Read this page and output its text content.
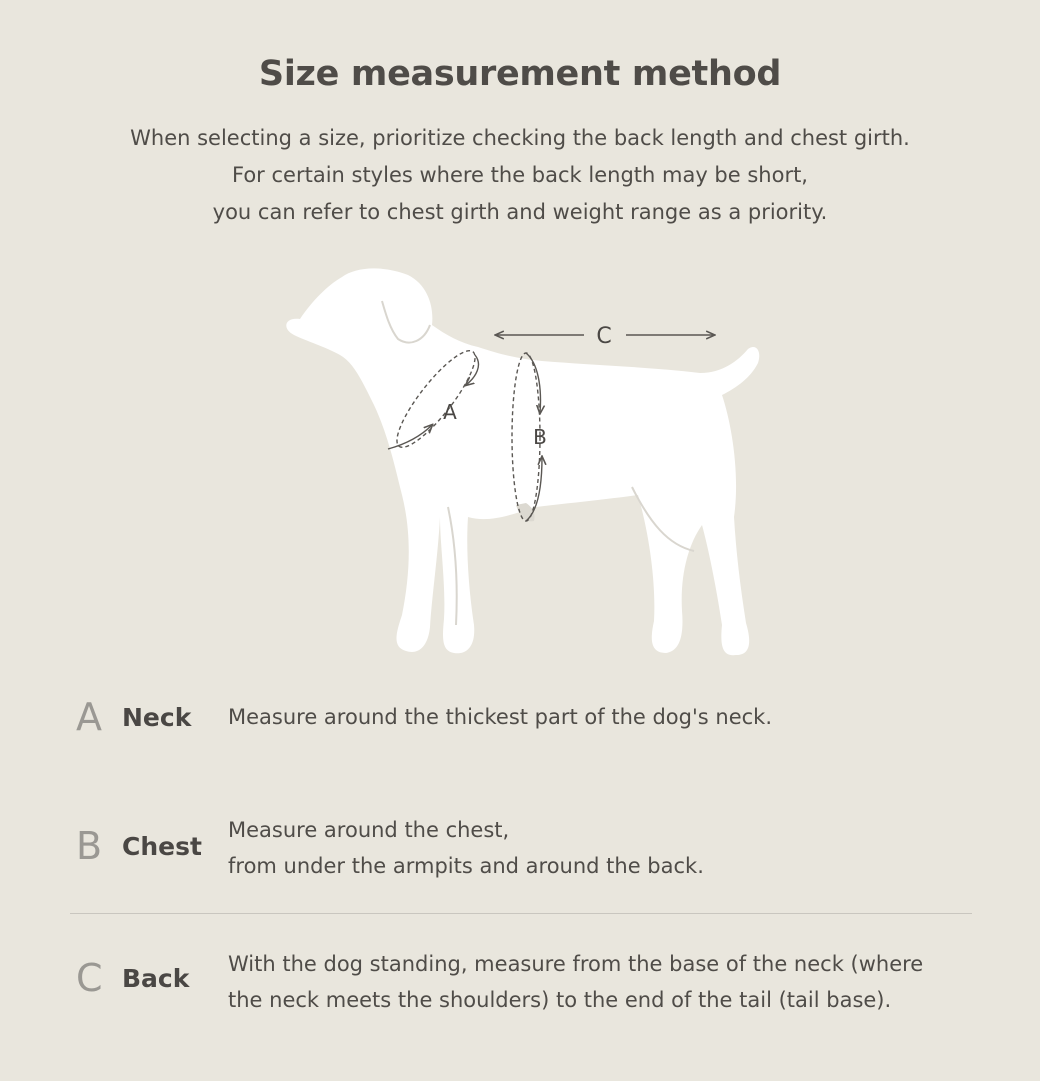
Size measurement method
When selecting a size, prioritize checking the back length and chest girth.
For certain styles where the back length may be short,
you can refer to chest girth and weight range as a priority.
C
A
B
A Neck Measure around the thickest part of the dog's neck.
B Chest
Measure around the chest,
from under the armpits and around the back.
C Back With the dog standing, measure from the base of the neck (where
the neck meets the shoulders) to the end of the tail (tail base).
